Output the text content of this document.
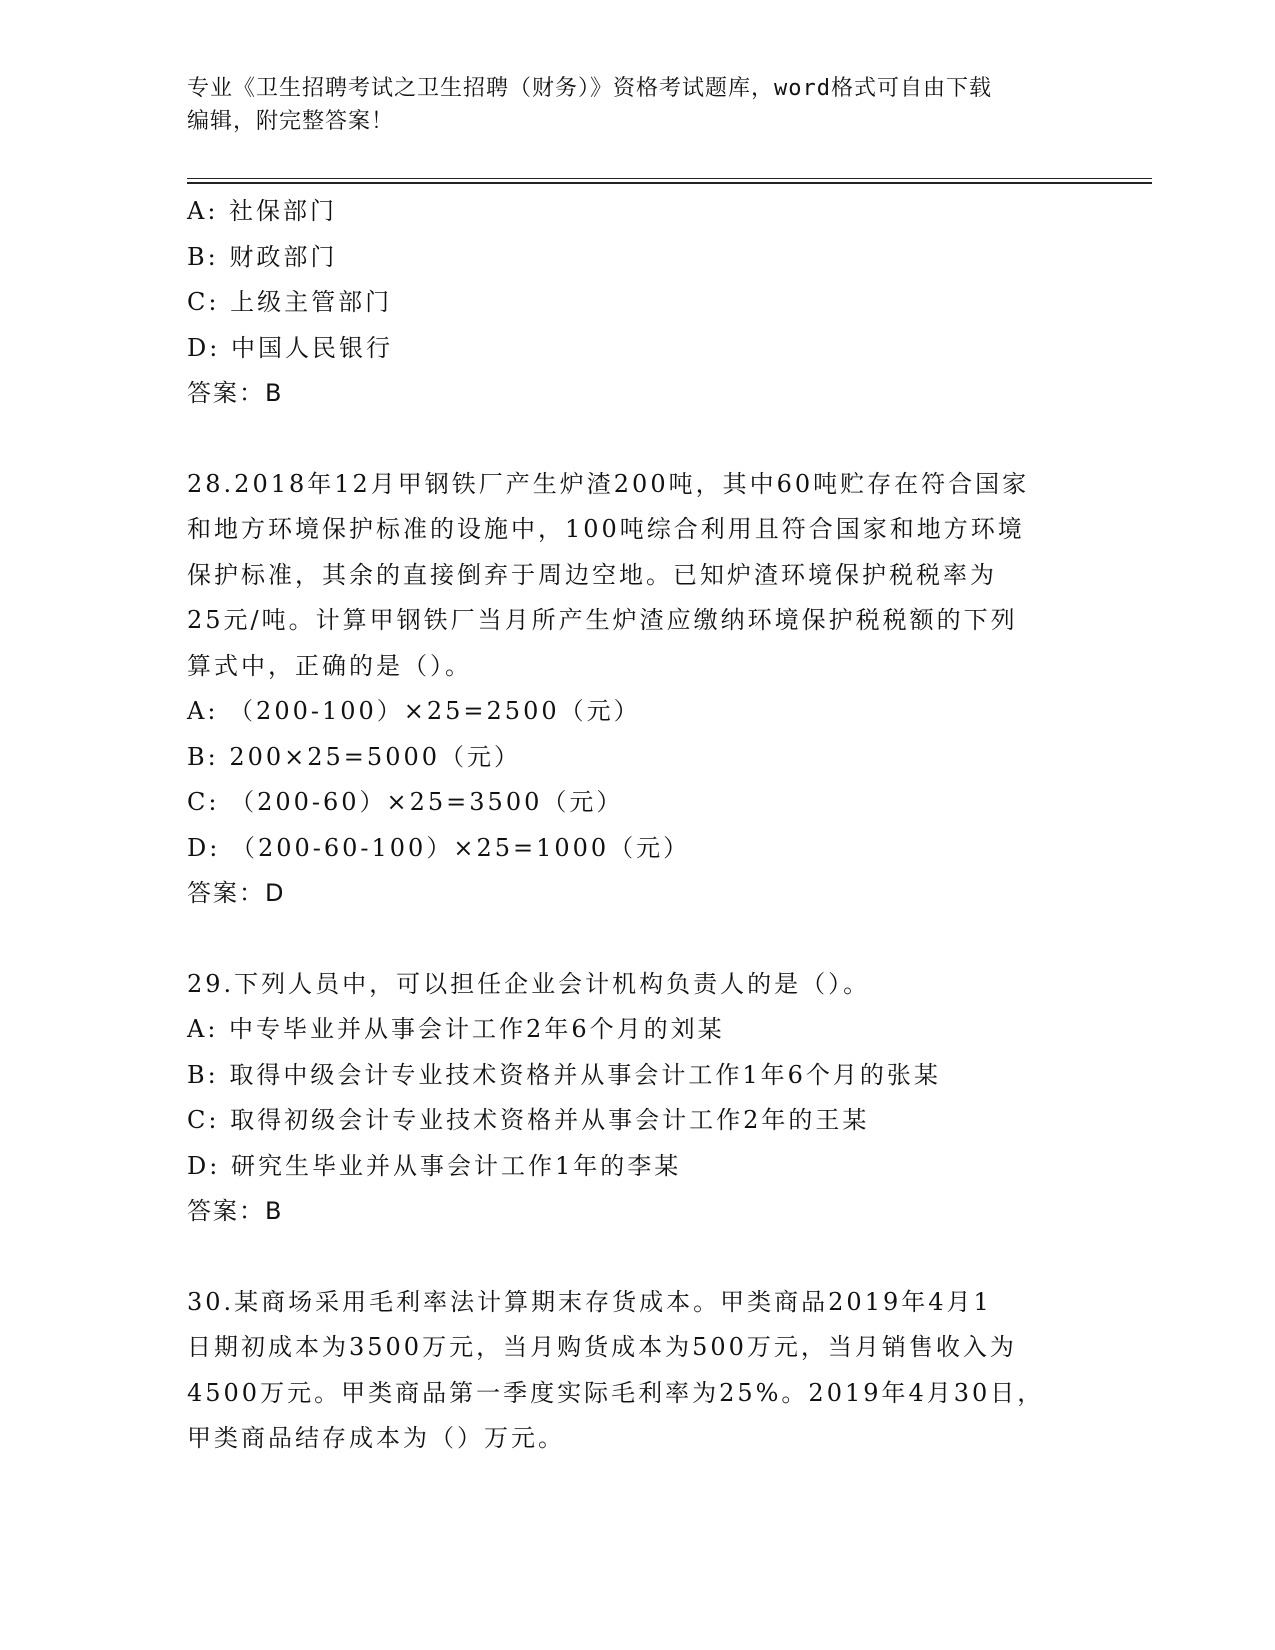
专业《卫生招聘考试之卫生招聘（财务）》资格考试题库，word格式可自由下载
编辑，附完整答案！
A: 社保部门
B: 财政部门
C: 上级主管部门
D: 中国人民银行
答案：B
28.2018年12月甲钢铁厂产生炉渣200吨，其中60吨贮存在符合国家
和地方环境保护标准的设施中，100吨综合利用且符合国家和地方环境
保护标准，其余的直接倒弃于周边空地。已知炉渣环境保护税税率为
25元/吨。计算甲钢铁厂当月所产生炉渣应缴纳环境保护税税额的下列
算式中，正确的是（）。
A: （200-100）×25=2500（元）
B: 200×25=5000（元）
C: （200-60）×25=3500（元）
D: （200-60-100）×25=1000（元）
答案：D
29.下列人员中，可以担任企业会计机构负责人的是（）。
A: 中专毕业并从事会计工作2年6个月的刘某
B: 取得中级会计专业技术资格并从事会计工作1年6个月的张某
C: 取得初级会计专业技术资格并从事会计工作2年的王某
D: 研究生毕业并从事会计工作1年的李某
答案：B
30.某商场采用毛利率法计算期末存货成本。甲类商品2019年4月1
日期初成本为3500万元，当月购货成本为500万元，当月销售收入为
4500万元。甲类商品第一季度实际毛利率为25%。2019年4月30日，
甲类商品结存成本为（）万元。
